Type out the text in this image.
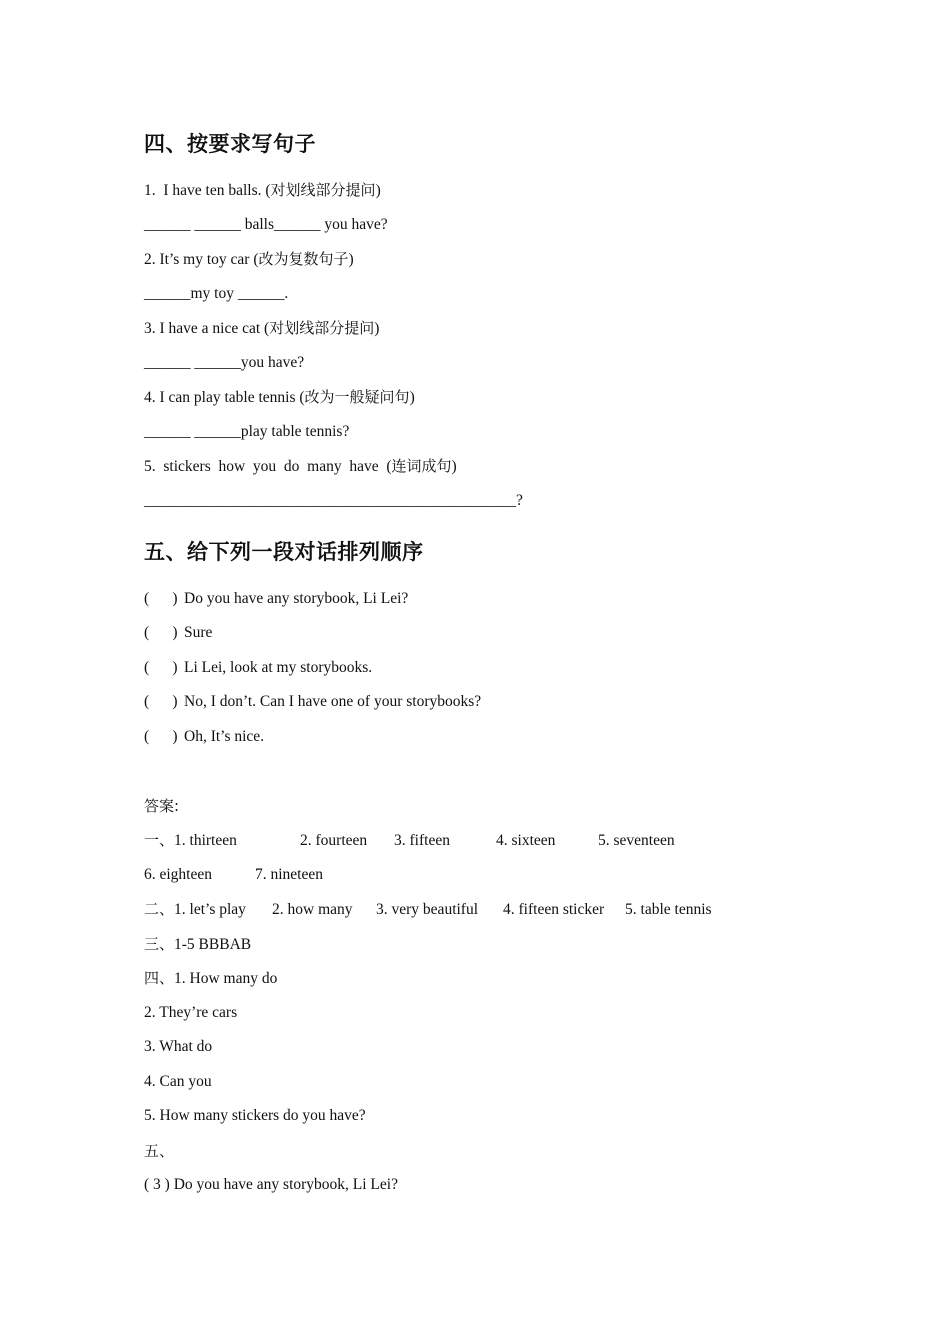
四、按要求写句子
1.  I have ten balls. (对划线部分提问)
______ ______ balls______ you have?
2. It’s my toy car (改为复数句子)
______my toy ______.
3. I have a nice cat (对划线部分提问)
______ ______you have?
4. I can play table tennis (改为一般疑问句)
______ ______play table tennis?
5.  stickers  how  you  do  many  have  (连词成句)
________________________________________________?
五、给下列一段对话排列顺序
(      ) Do you have any storybook, Li Lei?
(      ) Sure
(      ) Li Lei, look at my storybooks.
(      ) No, I don’t. Can I have one of your storybooks?
(      ) Oh, It’s nice.
答案:
一、1. thirteen	2. fourteen 3. fifteen	4. sixteen	5. seventeen
6. eighteen	7. nineteen
二、1. let’s play 2. how many 3. very beautiful 4. fifteen sticker 5. table tennis
三、1-5 BBBAB
四、1. How many do
2. They’re cars
3. What do
4. Can you
5. How many stickers do you have?
五、
( 3 ) Do you have any storybook, Li Lei?
